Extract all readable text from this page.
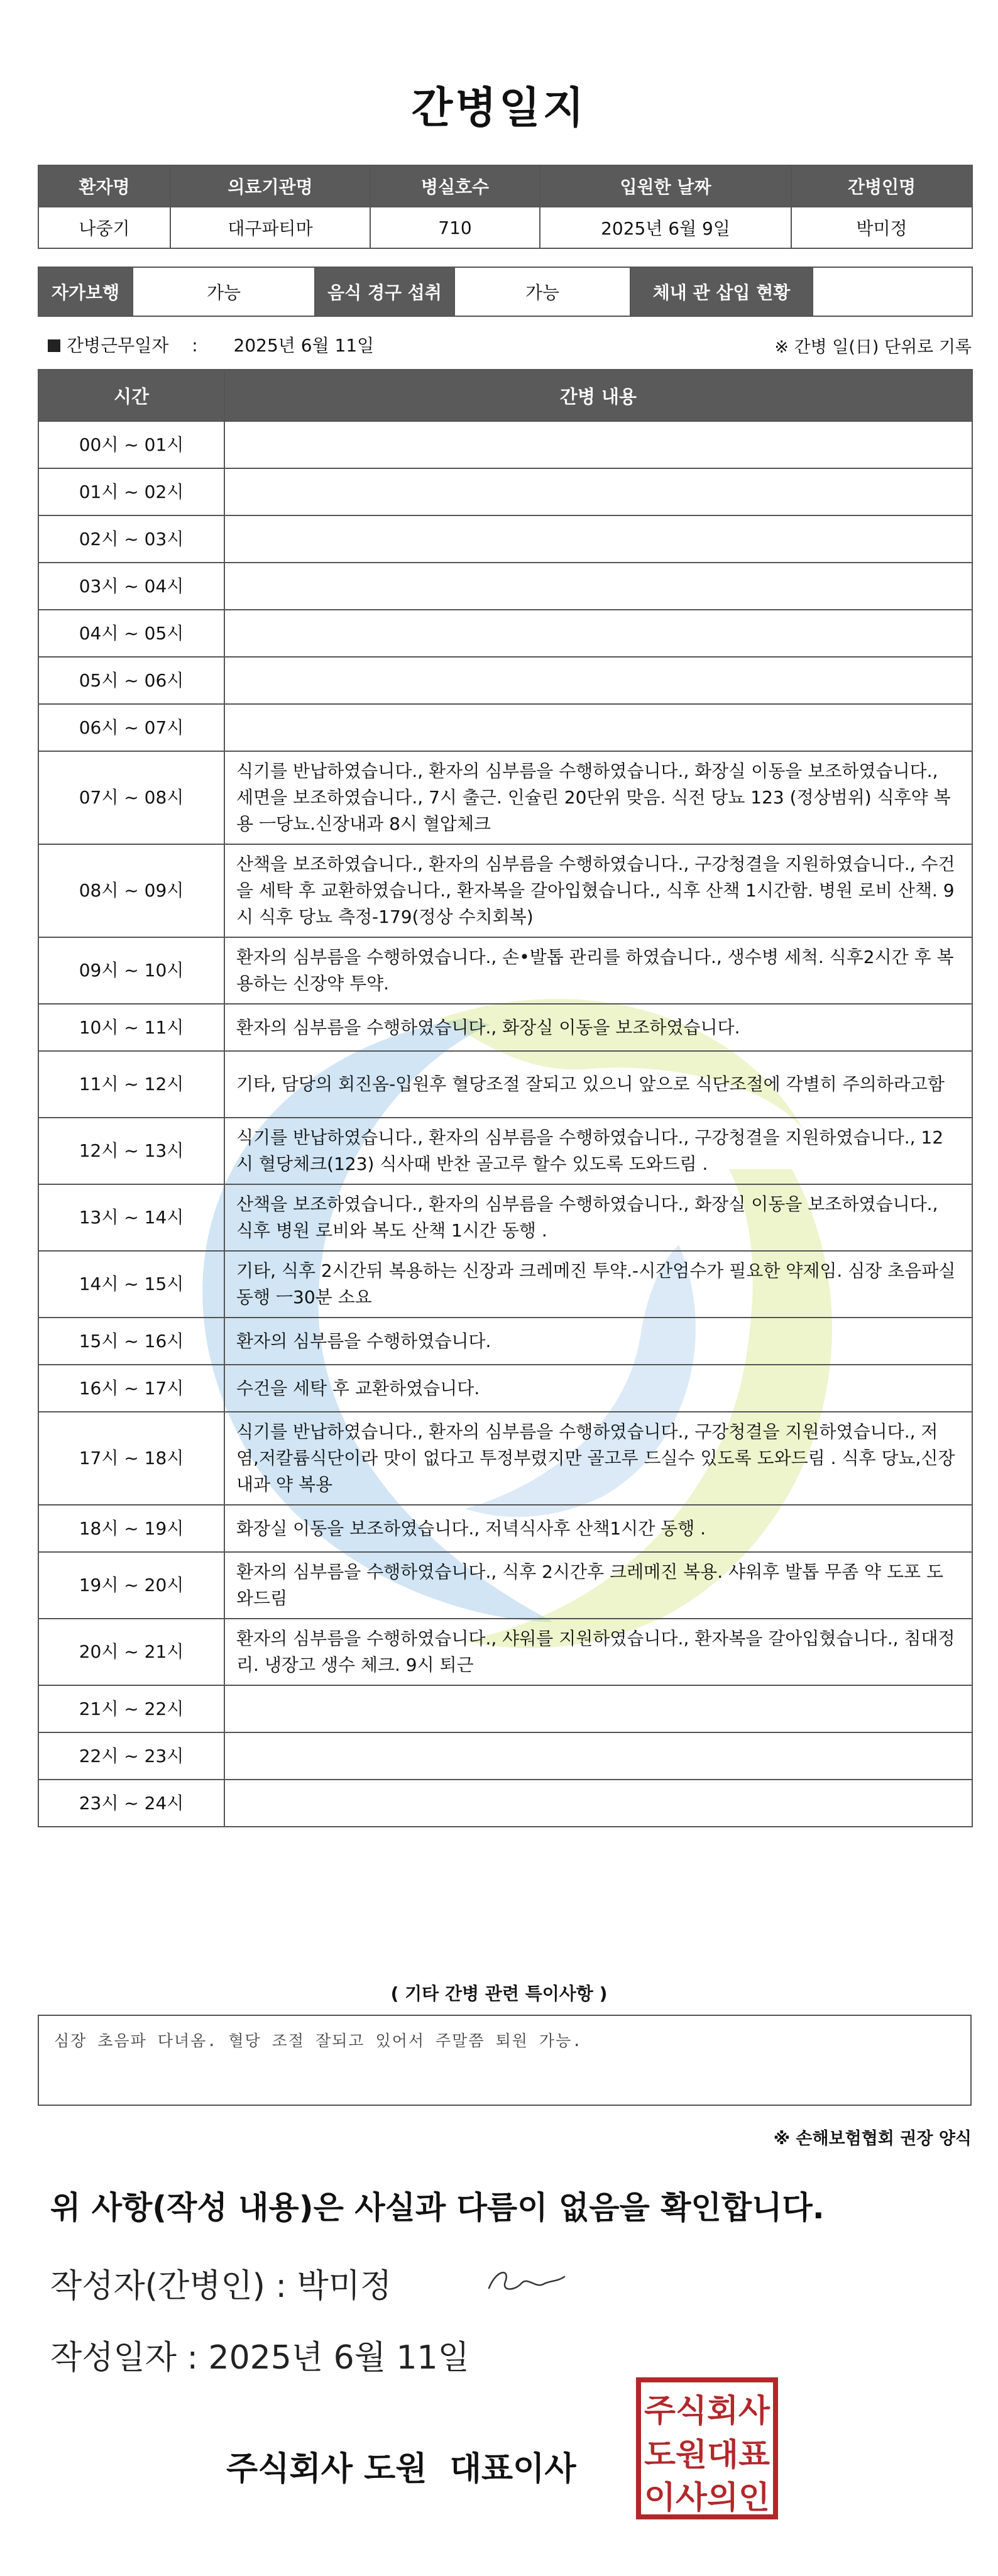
간병일지
환자명	의료기관명	병실호수	입원한 날짜	간병인명
나중기	대구파티마	710	2025년 6월 9일	박미정
자가보행	가능	음식 경구 섭취	가능	체내 관 삽입 현황	
간병근무일자 : 2025년 6월 11일	※ 간병 일(日) 단위로 기록
시간	간병 내용
00시 ~ 01시	
01시 ~ 02시	
02시 ~ 03시	
03시 ~ 04시	
04시 ~ 05시	
05시 ~ 06시	
06시 ~ 07시	
07시 ~ 08시	식기를 반납하였습니다., 환자의 심부름을 수행하였습니다., 화장실 이동을 보조하였습니다., 세면을 보조하였습니다., 7시 출근. 인슐린 20단위 맞음. 식전 당뇨 123 (정상범위) 식후약 복용 ㅡ당뇨.신장내과 8시 혈압체크
08시 ~ 09시	산책을 보조하였습니다., 환자의 심부름을 수행하였습니다., 구강청결을 지원하였습니다., 수건을 세탁 후 교환하였습니다., 환자복을 갈아입혔습니다., 식후 산책 1시간함. 병원 로비 산책. 9시 식후 당뇨 측정-179(정상 수치회복)
09시 ~ 10시	환자의 심부름을 수행하였습니다., 손•발톱 관리를 하였습니다., 생수병 세척. 식후2시간 후 복용하는 신장약 투약.
10시 ~ 11시	환자의 심부름을 수행하였습니다., 화장실 이동을 보조하였습니다.
11시 ~ 12시	기타, 담당의 회진옴-입원후 혈당조절 잘되고 있으니 앞으로 식단조절에 각별히 주의하라고함
12시 ~ 13시	식기를 반납하였습니다., 환자의 심부름을 수행하였습니다., 구강청결을 지원하였습니다., 12시 혈당체크(123) 식사때 반찬 골고루 할수 있도록 도와드림 .
13시 ~ 14시	산책을 보조하였습니다., 환자의 심부름을 수행하였습니다., 화장실 이동을 보조하였습니다., 식후 병원 로비와 복도 산책 1시간 동행 .
14시 ~ 15시	기타, 식후 2시간뒤 복용하는 신장과 크레메진 투약.-시간엄수가 필요한 약제임. 심장 초음파실 동행 ㅡ30분 소요
15시 ~ 16시	환자의 심부름을 수행하였습니다.
16시 ~ 17시	수건을 세탁 후 교환하였습니다.
17시 ~ 18시	식기를 반납하였습니다., 환자의 심부름을 수행하였습니다., 구강청결을 지원하였습니다., 저염,저칼륨식단이라 맛이 없다고 투정부렸지만 골고루 드실수 있도록 도와드림 . 식후 당뇨,신장내과 약 복용
18시 ~ 19시	화장실 이동을 보조하였습니다., 저녁식사후 산책1시간 동행 .
19시 ~ 20시	환자의 심부름을 수행하였습니다., 식후 2시간후 크레메진 복용. 샤워후 발톱 무좀 약 도포 도와드림
20시 ~ 21시	환자의 심부름을 수행하였습니다., 샤워를 지원하였습니다., 환자복을 갈아입혔습니다., 침대정리. 냉장고 생수 체크. 9시 퇴근
21시 ~ 22시	
22시 ~ 23시	
23시 ~ 24시	
( 기타 간병 관련 특이사항 )
심장 초음파 다녀옴. 혈당 조절 잘되고 있어서 주말쯤 퇴원 가능.
※ 손해보험협회 권장 양식
위 사항(작성 내용)은 사실과 다름이 없음을 확인합니다.
작성자(간병인) : 박미정
작성일자 : 2025년 6월 11일
주식회사 도원  대표이사
주식회사
도원대표
이사의인
